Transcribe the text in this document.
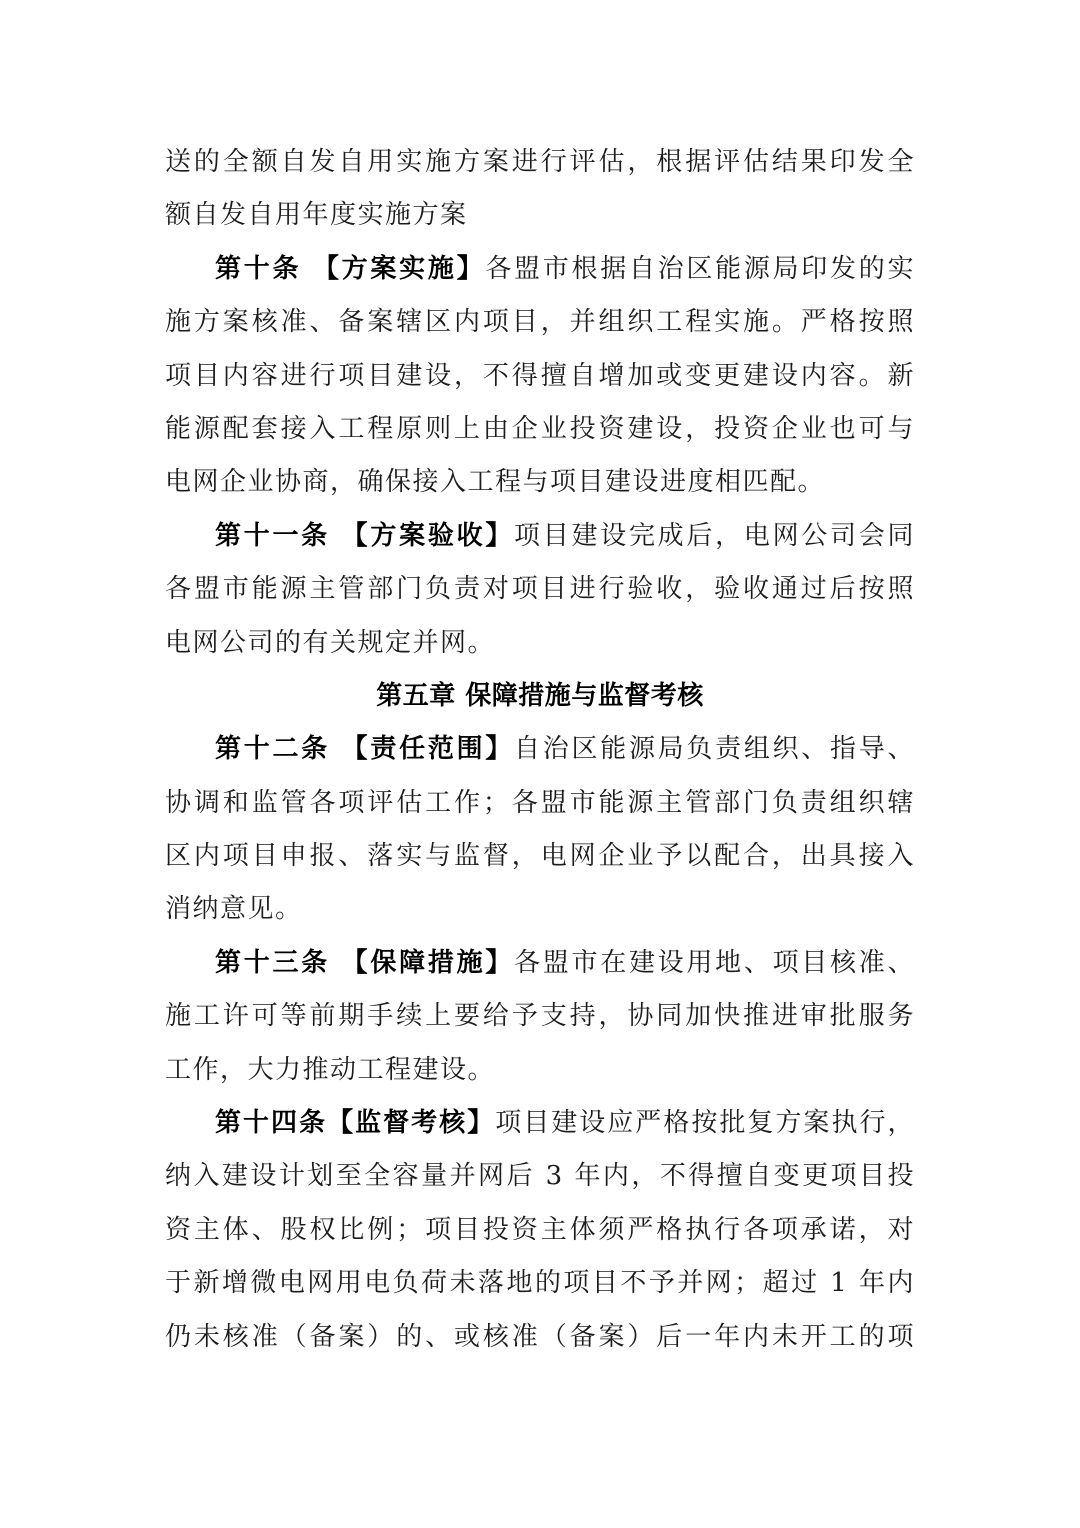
送的全额自发自用实施方案进行评估，根据评估结果印发全
额自发自用年度实施方案
第十条 【方案实施】各盟市根据自治区能源局印发的实
施方案核准、备案辖区内项目，并组织工程实施。严格按照
项目内容进行项目建设，不得擅自增加或变更建设内容。新
能源配套接入工程原则上由企业投资建设，投资企业也可与
电网企业协商，确保接入工程与项目建设进度相匹配。
第十一条 【方案验收】项目建设完成后，电网公司会同
各盟市能源主管部门负责对项目进行验收，验收通过后按照
电网公司的有关规定并网。
第五章 保障措施与监督考核
第十二条 【责任范围】自治区能源局负责组织、指导、
协调和监管各项评估工作；各盟市能源主管部门负责组织辖
区内项目申报、落实与监督，电网企业予以配合，出具接入
消纳意见。
第十三条 【保障措施】各盟市在建设用地、项目核准、
施工许可等前期手续上要给予支持，协同加快推进审批服务
工作，大力推动工程建设。
第十四条【监督考核】项目建设应严格按批复方案执行，
纳入建设计划至全容量并网后 3 年内，不得擅自变更项目投
资主体、股权比例；项目投资主体须严格执行各项承诺，对
于新增微电网用电负荷未落地的项目不予并网；超过 1 年内
仍未核准（备案）的、或核准（备案）后一年内未开工的项
